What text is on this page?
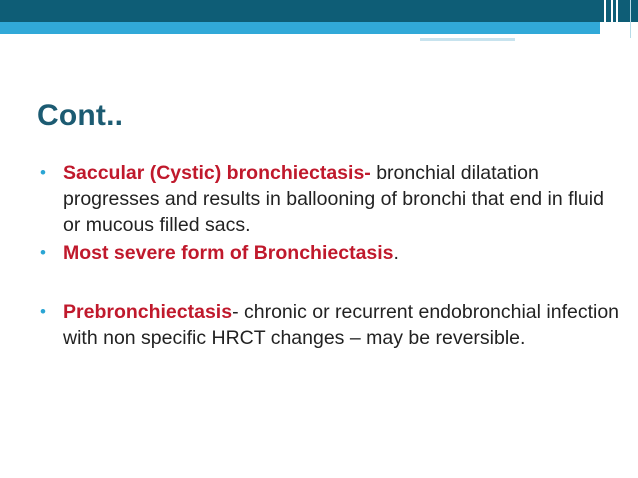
Cont..
• Saccular (Cystic) bronchiectasis- bronchial dilatation progresses and results in ballooning of bronchi that end in fluid or mucous filled sacs.
• Most severe form of Bronchiectasis.
• Prebronchiectasis- chronic or recurrent endobronchial infection with non specific HRCT changes – may be reversible.
